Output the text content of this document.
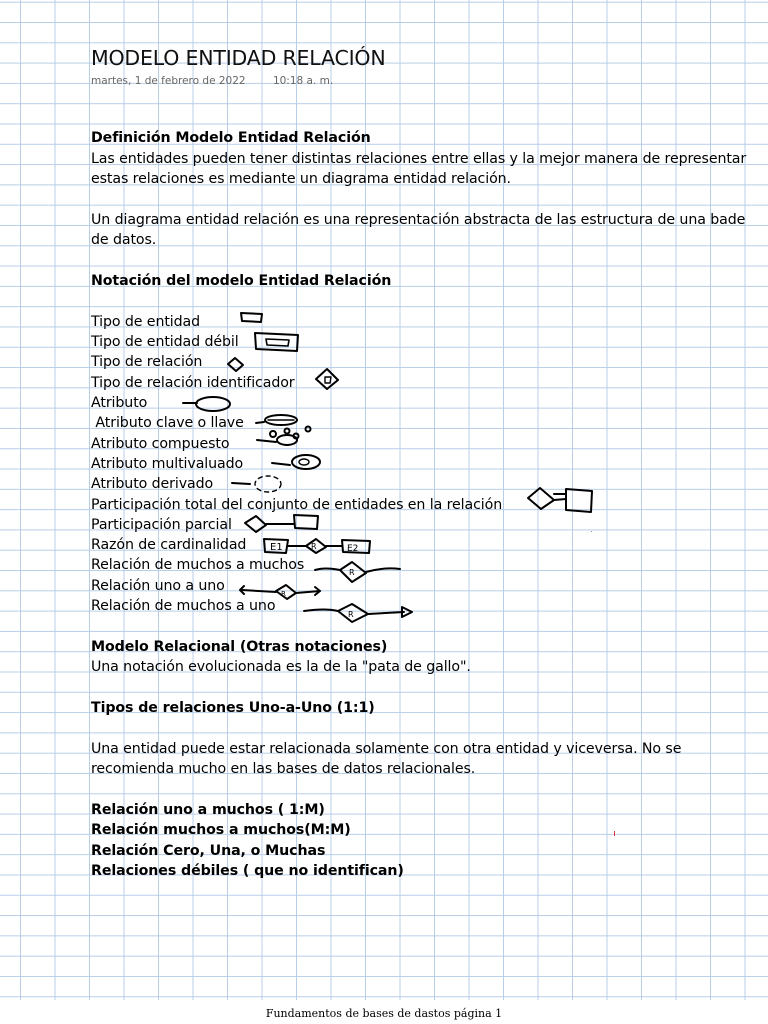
MODELO ENTIDAD RELACIÓN
martes, 1 de febrero de 2022	10:18 a. m.
Definición Modelo Entidad Relación
Las entidades pueden tener distintas relaciones entre ellas y la mejor manera de representar
estas relaciones es mediante un diagrama entidad relación.
Un diagrama entidad relación es una representación abstracta de las estructura de una bade
de datos.
Notación del modelo Entidad Relación
Tipo de entidad
Tipo de entidad débil
Tipo de relación
Tipo de relación identificador
Atributo
Atributo clave o llave
Atributo compuesto
Atributo multivaluado
Atributo derivado
Participación total del conjunto de entidades en la relación
Participación parcial
Razón de cardinalidad
Relación de muchos a muchos
Relación uno a uno
Relación de muchos a uno
E1	R	E2
R
R
R
Modelo Relacional (Otras notaciones)
Una notación evolucionada es la de la "pata de gallo".
Tipos de relaciones Uno-a-Uno (1:1)
Una entidad puede estar relacionada solamente con otra entidad y viceversa. No se
recomienda mucho en las bases de datos relacionales.
Relación uno a muchos ( 1:M)
Relación muchos a muchos(M:M)
Relación Cero, Una, o Muchas
Relaciones débiles ( que no identifican)
Fundamentos de bases de dastos página 1
